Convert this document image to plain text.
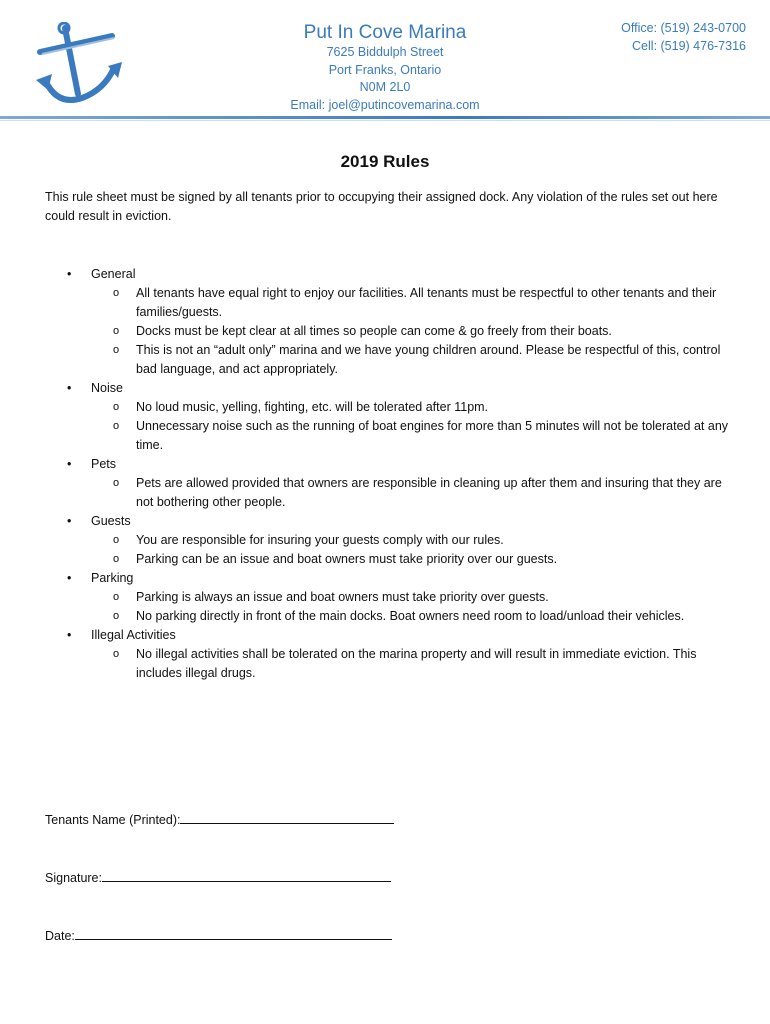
Put In Cove Marina
7625 Biddulph Street
Port Franks, Ontario
N0M 2L0
Email: joel@putincovemarina.com
Office: (519) 243-0700
Cell: (519) 476-7316
2019 Rules
This rule sheet must be signed by all tenants prior to occupying their assigned dock. Any violation of the rules set out here could result in eviction.
• General
o All tenants have equal right to enjoy our facilities. All tenants must be respectful to other tenants and their families/guests.
o Docks must be kept clear at all times so people can come & go freely from their boats.
o This is not an “adult only” marina and we have young children around. Please be respectful of this, control bad language, and act appropriately.
• Noise
o No loud music, yelling, fighting, etc. will be tolerated after 11pm.
o Unnecessary noise such as the running of boat engines for more than 5 minutes will not be tolerated at any time.
• Pets
o Pets are allowed provided that owners are responsible in cleaning up after them and insuring that they are not bothering other people.
• Guests
o You are responsible for insuring your guests comply with our rules.
o Parking can be an issue and boat owners must take priority over our guests.
• Parking
o Parking is always an issue and boat owners must take priority over guests.
o No parking directly in front of the main docks. Boat owners need room to load/unload their vehicles.
• Illegal Activities
o No illegal activities shall be tolerated on the marina property and will result in immediate eviction. This includes illegal drugs.
Tenants Name (Printed):
Signature:
Date:
